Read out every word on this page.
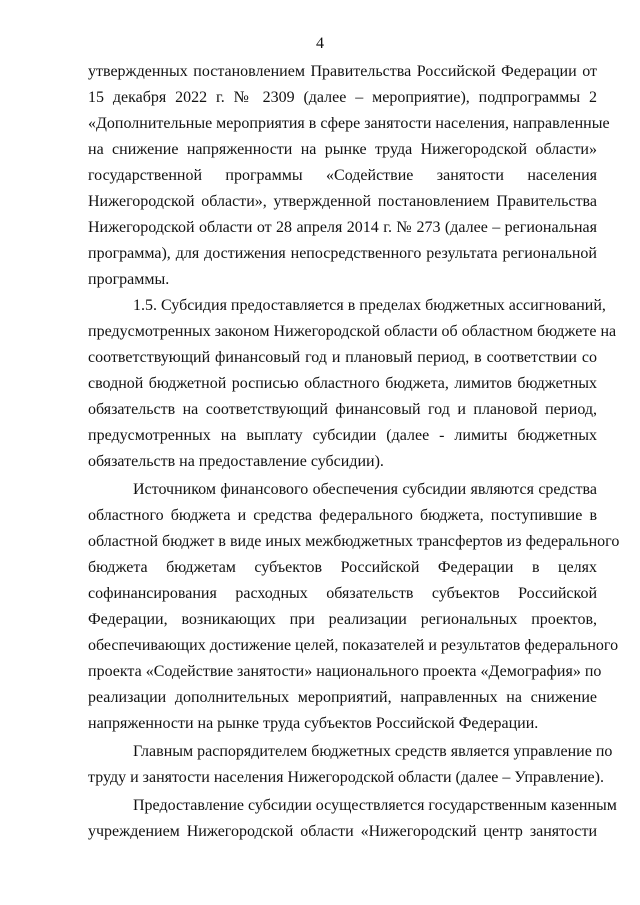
4
утвержденных постановлением Правительства Российской Федерации от
15 декабря 2022 г. № 2309 (далее – мероприятие), подпрограммы 2
«Дополнительные мероприятия в сфере занятости населения, направленные
на снижение напряженности на рынке труда Нижегородской области»
государственной программы «Содействие занятости населения
Нижегородской области», утвержденной постановлением Правительства
Нижегородской области от 28 апреля 2014 г. № 273 (далее – региональная
программа), для достижения непосредственного результата региональной
программы.
1.5. Субсидия предоставляется в пределах бюджетных ассигнований,
предусмотренных законом Нижегородской области об областном бюджете на
соответствующий финансовый год и плановый период, в соответствии со
сводной бюджетной росписью областного бюджета, лимитов бюджетных
обязательств на соответствующий финансовый год и плановой период,
предусмотренных на выплату субсидии (далее - лимиты бюджетных
обязательств на предоставление субсидии).
Источником финансового обеспечения субсидии являются средства
областного бюджета и средства федерального бюджета, поступившие в
областной бюджет в виде иных межбюджетных трансфертов из федерального
бюджета бюджетам субъектов Российской Федерации в целях
софинансирования расходных обязательств субъектов Российской
Федерации, возникающих при реализации региональных проектов,
обеспечивающих достижение целей, показателей и результатов федерального
проекта «Содействие занятости» национального проекта «Демография» по
реализации дополнительных мероприятий, направленных на снижение
напряженности на рынке труда субъектов Российской Федерации.
Главным распорядителем бюджетных средств является управление по
труду и занятости населения Нижегородской области (далее – Управление).
Предоставление субсидии осуществляется государственным казенным
учреждением Нижегородской области «Нижегородский центр занятости
